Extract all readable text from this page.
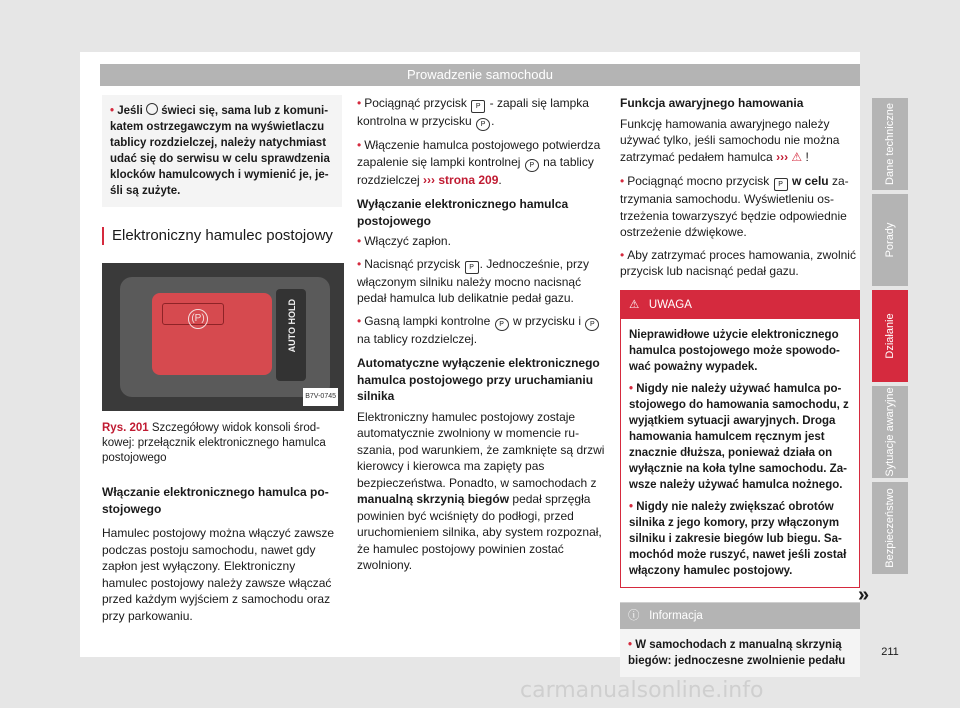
Prowadzenie samochodu
• Jeśli świeci się, sama lub z komunikatem ostrzegawczym na wyświetlaczu tablicy rozdzielczej, należy natychmiast udać się do serwisu w celu sprawdzenia klocków hamulcowych i wymienić je, jeśli są zużyte.
Elektroniczny hamulec postojowy
(P)	AUTO HOLD
B7V-0745
Rys. 201 Szczegółowy widok konsoli środkowej: przełącznik elektronicznego hamulca postojowego

Włączanie elektronicznego hamulca postojowego

Hamulec postojowy można włączyć zawsze podczas postoju samochodu, nawet gdy zapłon jest wyłączony. Elektroniczny hamulec postojowy należy zawsze włączać przed każdym wyjściem z samochodu oraz przy parkowaniu.

• Pociągnąć przycisk P - zapali się lampka kontrolna w przycisku P .

• Włączenie hamulca postojowego potwierdza zapalenie się lampki kontrolnej P na tablicy rozdzielczej ››› strona 209.

Wyłączanie elektronicznego hamulca postojowego

• Włączyć zapłon.

• Nacisnąć przycisk P . Jednocześnie, przy włączonym silniku należy mocno nacisnąć pedał hamulca lub delikatnie pedał gazu.

• Gasną lampki kontrolne P w przycisku i P na tablicy rozdzielczej.

Automatyczne wyłączenie elektronicznego hamulca postojowego przy uruchamianiu silnika

Elektroniczny hamulec postojowy zostaje automatycznie zwolniony w momencie ruszania, pod warunkiem, że zamknięte są drzwi kierowcy i kierowca ma zapięty pas bezpieczeństwa. Ponadto, w samochodach z manualną skrzynią biegów pedał sprzęgła powinien być wciśnięty do podłogi, przed uruchomieniem silnika, aby system rozpoznał, że hamulec postojowy powinien zostać zwolniony.

Funkcja awaryjnego hamowania

Funkcję hamowania awaryjnego należy używać tylko, jeśli samochodu nie można zatrzymać pedałem hamulca ››› ⚠ !

• Pociągnąć mocno przycisk P w celu zatrzymania samochodu. Wyświetleniu ostrzeżenia towarzyszyć będzie odpowiednie ostrzeżenie dźwiękowe.

• Aby zatrzymać proces hamowania, zwolnić przycisk lub nacisnąć pedał gazu.

⚠ UWAGA

Nieprawidłowe użycie elektronicznego hamulca postojowego może spowodować poważny wypadek.

• Nigdy nie należy używać hamulca postojowego do hamowania samochodu, z wyjątkiem sytuacji awaryjnych. Droga hamowania hamulcem ręcznym jest znacznie dłuższa, ponieważ działa on wyłącznie na koła tylne samochodu. Zawsze należy używać hamulca nożnego.

• Nigdy nie należy zwiększać obrotów silnika z jego komory, przy włączonym silniku i zakresie biegów lub biegu. Samochód może ruszyć, nawet jeśli został włączony hamulec postojowy.

ⓘ Informacja
• W samochodach z manualną skrzynią biegów: jednoczesne zwolnienie pedału
»
Dane techniczne
Porady
Działanie
Sytuacje awaryjne
Bezpieczeństwo
211
carmanualsonline.info
